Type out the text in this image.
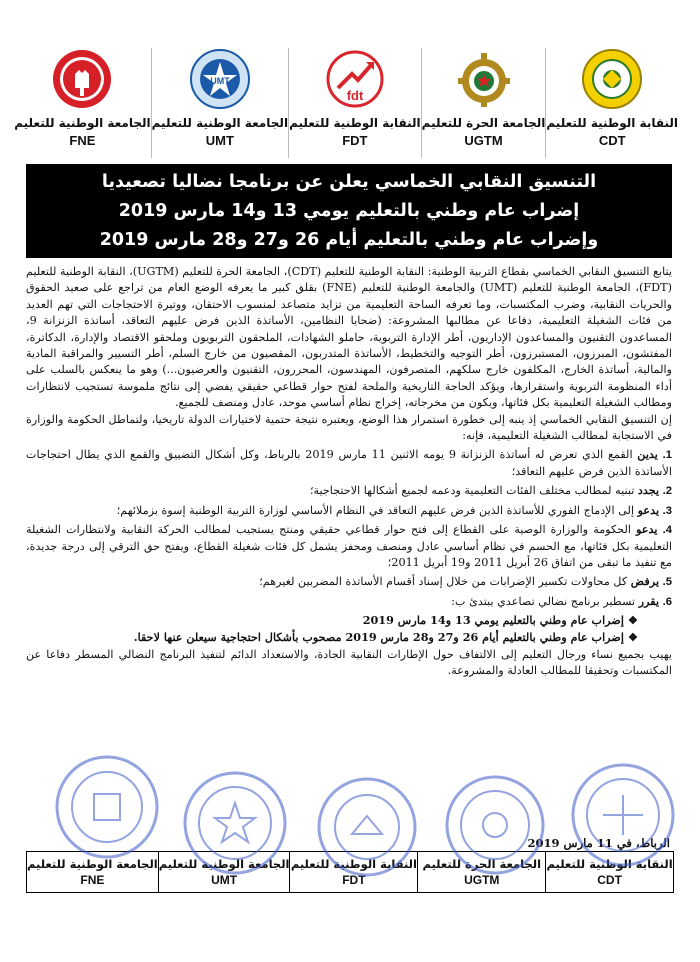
النقابة الوطنية للتعليم
CDT
الجامعة الحرة للتعليم
UGTM
fdt
النقابة الوطنية للتعليم
FDT
UMT
الجامعة الوطنية للتعليم
UMT
الجامعة الوطنية للتعليم
FNE
التنسيق النقابي الخماسي يعلن عن برنامجا نضاليا تصعيديا
إضراب عام وطني بالتعليم يومي 13 و14 مارس 2019
وإضراب عام وطني بالتعليم أيام 26 و27 و28 مارس 2019

يتابع التنسيق النقابي الخماسي بقطاع التربية الوطنية: النقابة الوطنية للتعليم (CDT)، الجامعة الحرة للتعليم (UGTM)، النقابة الوطنية للتعليم (FDT)، الجامعة الوطنية للتعليم (UMT) والجامعة الوطنية للتعليم (FNE) بقلق كبير ما يعرفه الوضع العام من تراجع على صعيد الحقوق والحريات النقابية، وضرب المكتسبات، وما تعرفه الساحة التعليمية من تزايد متصاعد لمنسوب الاحتقان، ووتيرة الاحتجاجات التي تهم العديد من فئات الشغيلة التعليمية، دفاعا عن مطالبها المشروعة: (ضحايا النظامين، الأساتذة الذين فرض عليهم التعاقد، أساتذة الزنزانة 9، المساعدون التقنيون والمساعدون الإداريون، أطر الإدارة التربوية، حاملو الشهادات، الملحقون التربويون وملحقو الاقتصاد والإدارة، الدكاترة، المفتشون، المبرزون، المستبرزون، أطر التوجيه والتخطيط، الأساتذة المتدربون، المقصيون من خارج السلم، أطر التسيير والمراقبة المادية والمالية، أساتذة الخارج، المكلفون خارج سلكهم، المتصرفون، المهندسون، المحررون، التقنيون والعرضيون...) وهو ما ينعكس بالسلب على أداء المنظومة التربوية واستقرارها، ويؤكد الحاجة التاريخية والملحة لفتح حوار قطاعي حقيقي يفضي إلى نتائج ملموسة تستجيب لانتظارات ومطالب الشغيلة التعليمية بكل فئاتها، ويكون من مخرجاته، إخراج نظام أساسي موحد، عادل ومنصف للجميع.

إن التنسيق النقابي الخماسي إذ ينبه إلى خطورة استمرار هذا الوضع، ويعتبره نتيجة حتمية لاختيارات الدولة تاريخيا، ولتماطل الحكومة والوزارة في الاستجابة لمطالب الشغيلة التعليمية، فإنه:

1. يدين القمع الذي تعرض له أساتذة الزنزانة 9 يومه الاثنين 11 مارس 2019 بالرباط، وكل أشكال التضييق والقمع الذي يطال احتجاجات الأساتذة الذين فرض عليهم التعاقد؛
2. يجدد تبنيه لمطالب مختلف الفئات التعليمية ودعمه لجميع أشكالها الاحتجاجية؛
3. يدعو إلى الإدماج الفوري للأساتذة الذين فرض عليهم التعاقد في النظام الأساسي لوزارة التربية الوطنية إسوة بزملائهم؛
4. يدعو الحكومة والوزارة الوصية على القطاع إلى فتح حوار قطاعي حقيقي ومنتج يستجيب لمطالب الحركة النقابية ولانتظارات الشغيلة التعليمية بكل فئاتها، مع الحسم في نظام أساسي عادل ومنصف ومحفز يشمل كل فئات شغيلة القطاع، ويفتح حق الترقي إلى درجة جديدة، مع تنفيذ ما تبقى من اتفاق 26 أبريل 2011 و19 أبريل 2011؛
5. يرفض كل محاولات تكسير الإضرابات من خلال إسناد أقسام الأساتذة المضربين لغيرهم؛
6. يقرر تسطير برنامج نضالي تصاعدي يبتدئ ب:
❖إضراب عام وطني بالتعليم يومي 13 و14 مارس 2019
❖إضراب عام وطني بالتعليم أيام 26 و27 و28 مارس 2019 مصحوب بأشكال احتجاجية سيعلن عنها لاحقا.

يهيب بجميع نساء ورجال التعليم إلى الالتفاف حول الإطارات النقابية الجادة، والاستعداد الدائم لتنفيذ البرنامج النضالي المسطر دفاعا عن المكتسبات وتحقيقا للمطالب العادلة والمشروعة.

الرباط، في 11 مارس 2019
النقابة الوطنية للتعليم
CDT
الجامعة الحرة للتعليم
UGTM
النقابة الوطنية للتعليم
FDT
الجامعة الوطنية للتعليم
UMT
الجامعة الوطنية للتعليم
FNE
